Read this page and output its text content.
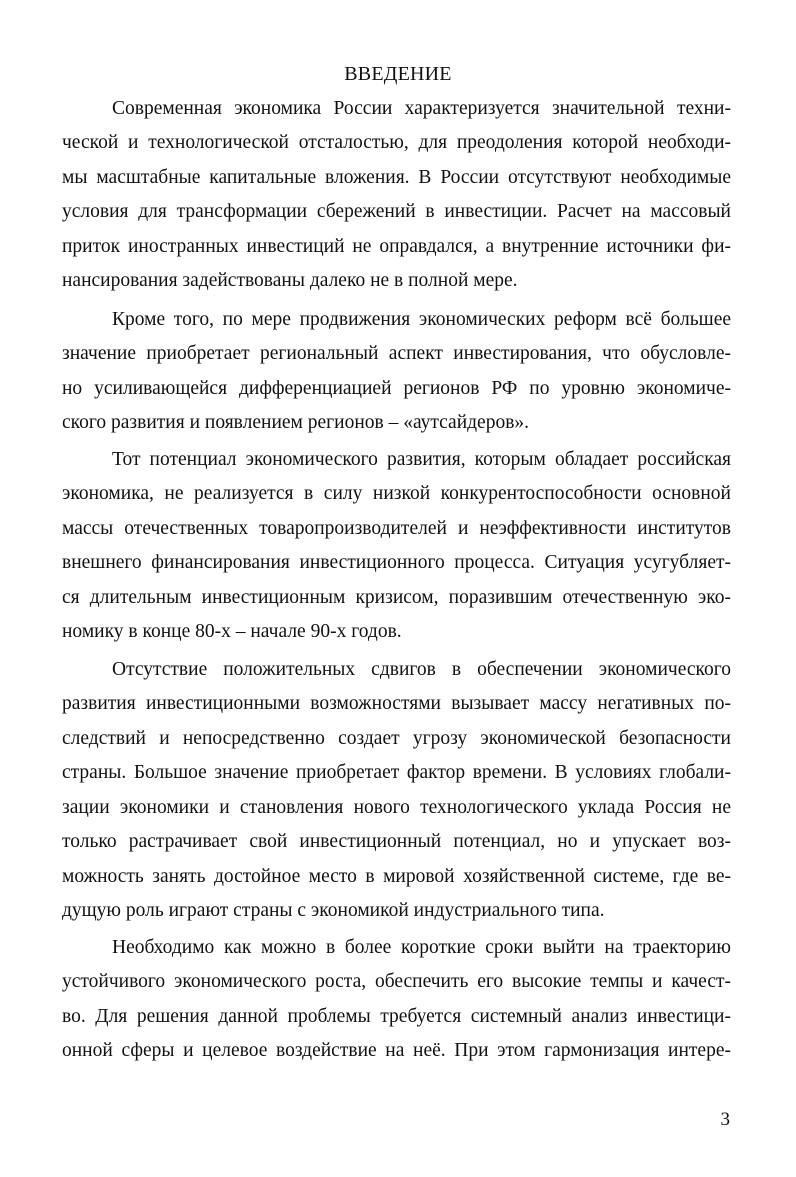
ВВЕДЕНИЕ
Современная экономика России характеризуется значительной техни-
ческой и технологической отсталостью, для преодоления которой необходи-
мы масштабные капитальные вложения. В России отсутствуют необходимые
условия для трансформации сбережений в инвестиции. Расчет на массовый
приток иностранных инвестиций не оправдался, а внутренние источники фи-
нансирования задействованы далеко не в полной мере.
Кроме того, по мере продвижения экономических реформ всё большее
значение приобретает региональный аспект инвестирования, что обусловле-
но усиливающейся дифференциацией регионов РФ по уровню экономиче-
ского развития и появлением регионов – «аутсайдеров».
Тот потенциал экономического развития, которым обладает российская
экономика, не реализуется в силу низкой конкурентоспособности основной
массы отечественных товаропроизводителей и неэффективности институтов
внешнего финансирования инвестиционного процесса. Ситуация усугубляет-
ся длительным инвестиционным кризисом, поразившим отечественную эко-
номику в конце 80-х – начале 90-х годов.
Отсутствие положительных сдвигов в обеспечении экономического
развития инвестиционными возможностями вызывает массу негативных по-
следствий и непосредственно создает угрозу экономической безопасности
страны. Большое значение приобретает фактор времени. В условиях глобали-
зации экономики и становления нового технологического уклада Россия не
только растрачивает свой инвестиционный потенциал, но и упускает воз-
можность занять достойное место в мировой хозяйственной системе, где ве-
дущую роль играют страны с экономикой индустриального типа.
Необходимо как можно в более короткие сроки выйти на траекторию
устойчивого экономического роста, обеспечить его высокие темпы и качест-
во. Для решения данной проблемы требуется системный анализ инвестици-
онной сферы и целевое воздействие на неё. При этом гармонизация интере-
3
